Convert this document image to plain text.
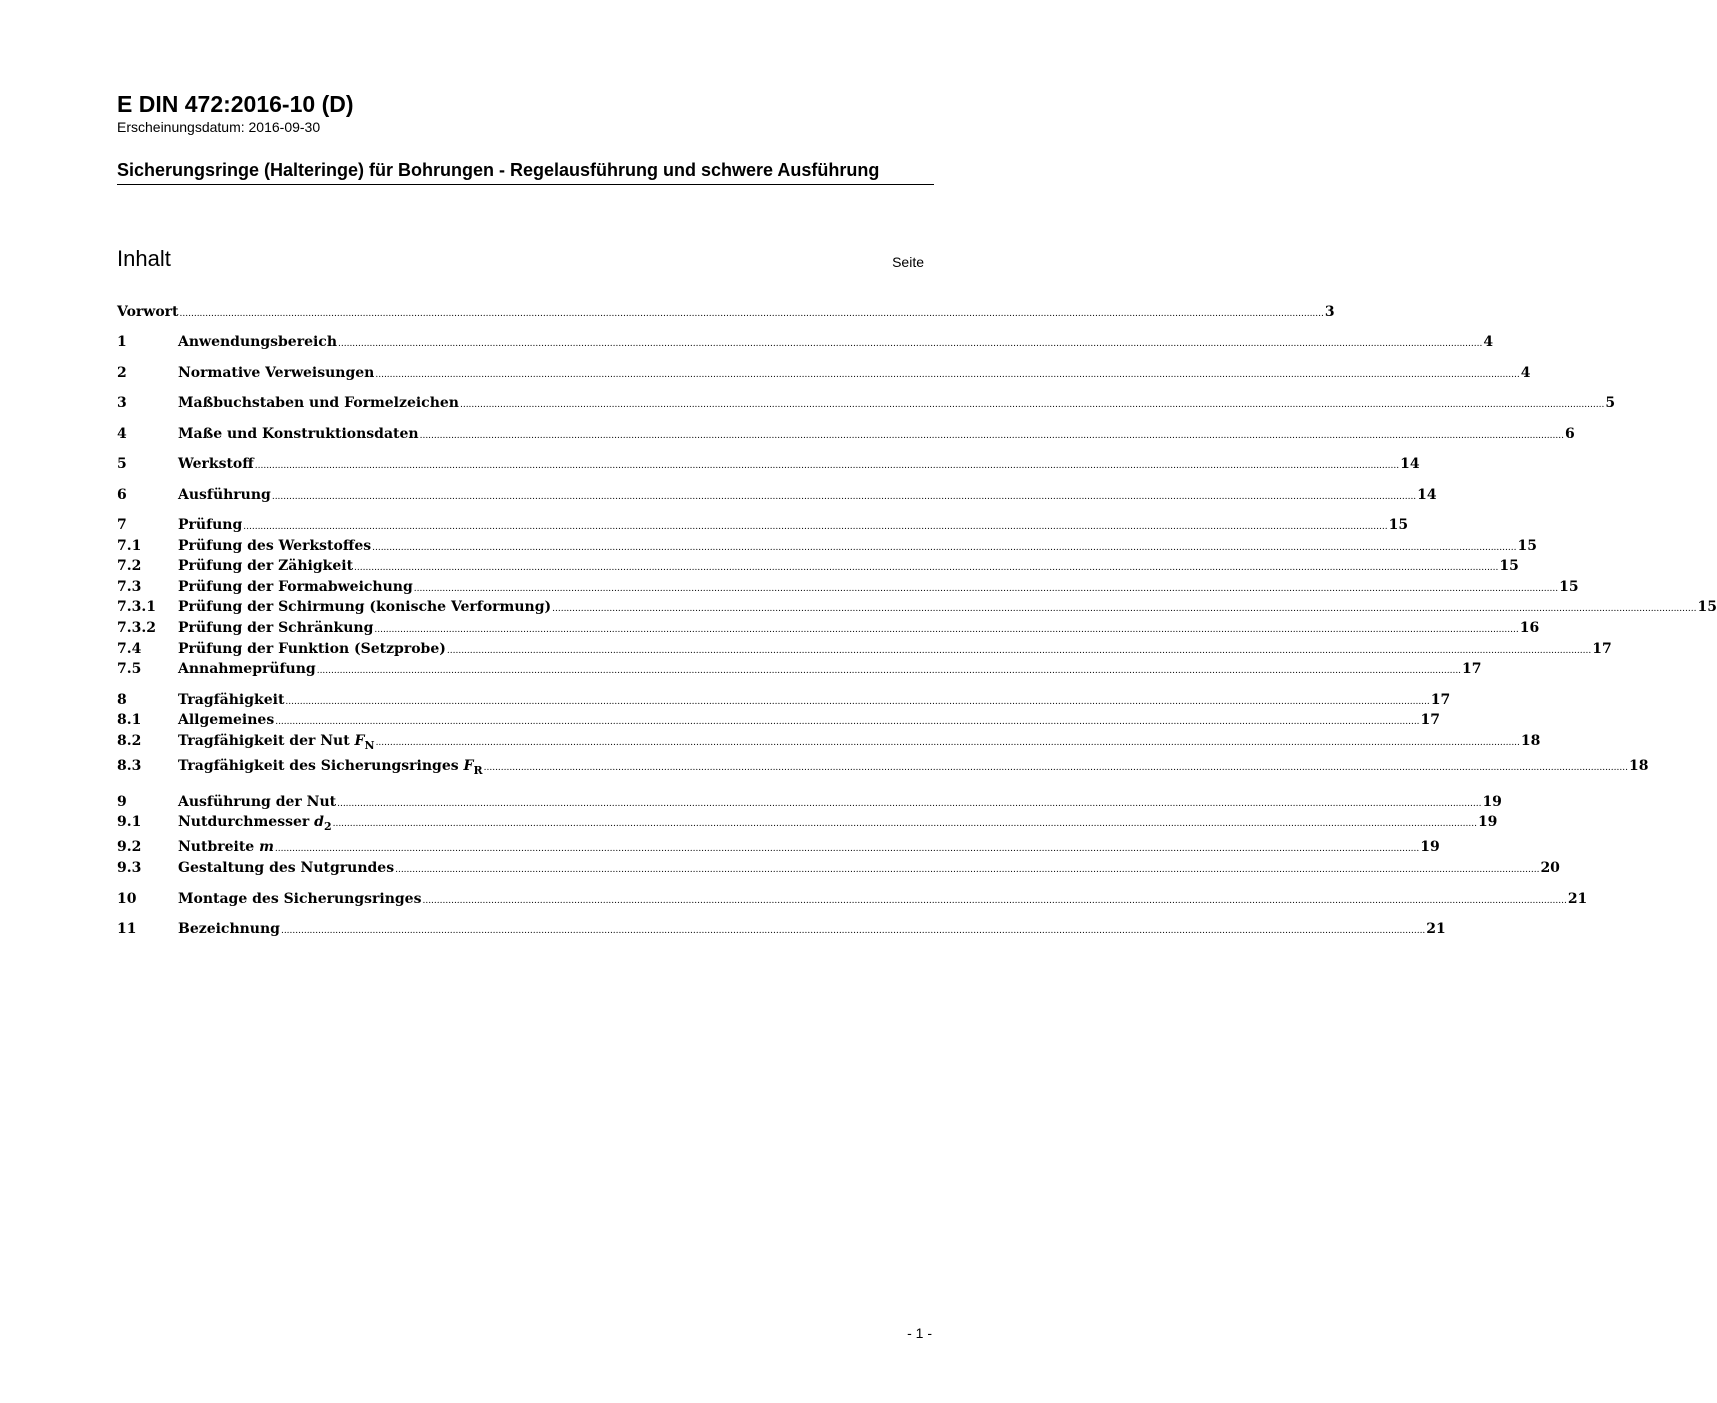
E DIN 472:2016-10 (D)

Erscheinungsdatum: 2016-09-30

Sicherungsringe (Halteringe) für Bohrungen - Regelausführung und schwere Ausführung
Inhalt	Seite
Vorwort ................................................................................................................................................................................................................................................................................................................................................................................................................ 3
1	Anwendungsbereich ................................................................................................................................................................................................................................................................................................................................................................................................................ 4
2	Normative Verweisungen ................................................................................................................................................................................................................................................................................................................................................................................................................ 4
3	Maßbuchstaben und Formelzeichen ................................................................................................................................................................................................................................................................................................................................................................................................................ 5
4	Maße und Konstruktionsdaten ................................................................................................................................................................................................................................................................................................................................................................................................................ 6
5	Werkstoff ................................................................................................................................................................................................................................................................................................................................................................................................................ 14
6	Ausführung ................................................................................................................................................................................................................................................................................................................................................................................................................ 14
7	Prüfung ................................................................................................................................................................................................................................................................................................................................................................................................................ 15
7.1	Prüfung des Werkstoffes ................................................................................................................................................................................................................................................................................................................................................................................................................ 15
7.2	Prüfung der Zähigkeit ................................................................................................................................................................................................................................................................................................................................................................................................................ 15
7.3	Prüfung der Formabweichung ................................................................................................................................................................................................................................................................................................................................................................................................................ 15
7.3.1	Prüfung der Schirmung (konische Verformung) ................................................................................................................................................................................................................................................................................................................................................................................................................ 15
7.3.2	Prüfung der Schränkung ................................................................................................................................................................................................................................................................................................................................................................................................................ 16
7.4	Prüfung der Funktion (Setzprobe) ................................................................................................................................................................................................................................................................................................................................................................................................................ 17
7.5	Annahmeprüfung ................................................................................................................................................................................................................................................................................................................................................................................................................ 17
8	Tragfähigkeit ................................................................................................................................................................................................................................................................................................................................................................................................................ 17
8.1	Allgemeines ................................................................................................................................................................................................................................................................................................................................................................................................................ 17
8.2	Tragfähigkeit der Nut $F_N$ ................................................................................................................................................................................................................................................................................................................................................................................................................ 18
8.3	Tragfähigkeit des Sicherungsringes $F_R$ ................................................................................................................................................................................................................................................................................................................................................................................................................ 18
9	Ausführung der Nut ................................................................................................................................................................................................................................................................................................................................................................................................................ 19
9.1	Nutdurchmesser $d_2$ ................................................................................................................................................................................................................................................................................................................................................................................................................ 19
9.2	Nutbreite m ................................................................................................................................................................................................................................................................................................................................................................................................................ 19
9.3	Gestaltung des Nutgrundes ................................................................................................................................................................................................................................................................................................................................................................................................................ 20
10	Montage des Sicherungsringes ................................................................................................................................................................................................................................................................................................................................................................................................................ 21
11	Bezeichnung ................................................................................................................................................................................................................................................................................................................................................................................................................ 21
- 1 -
